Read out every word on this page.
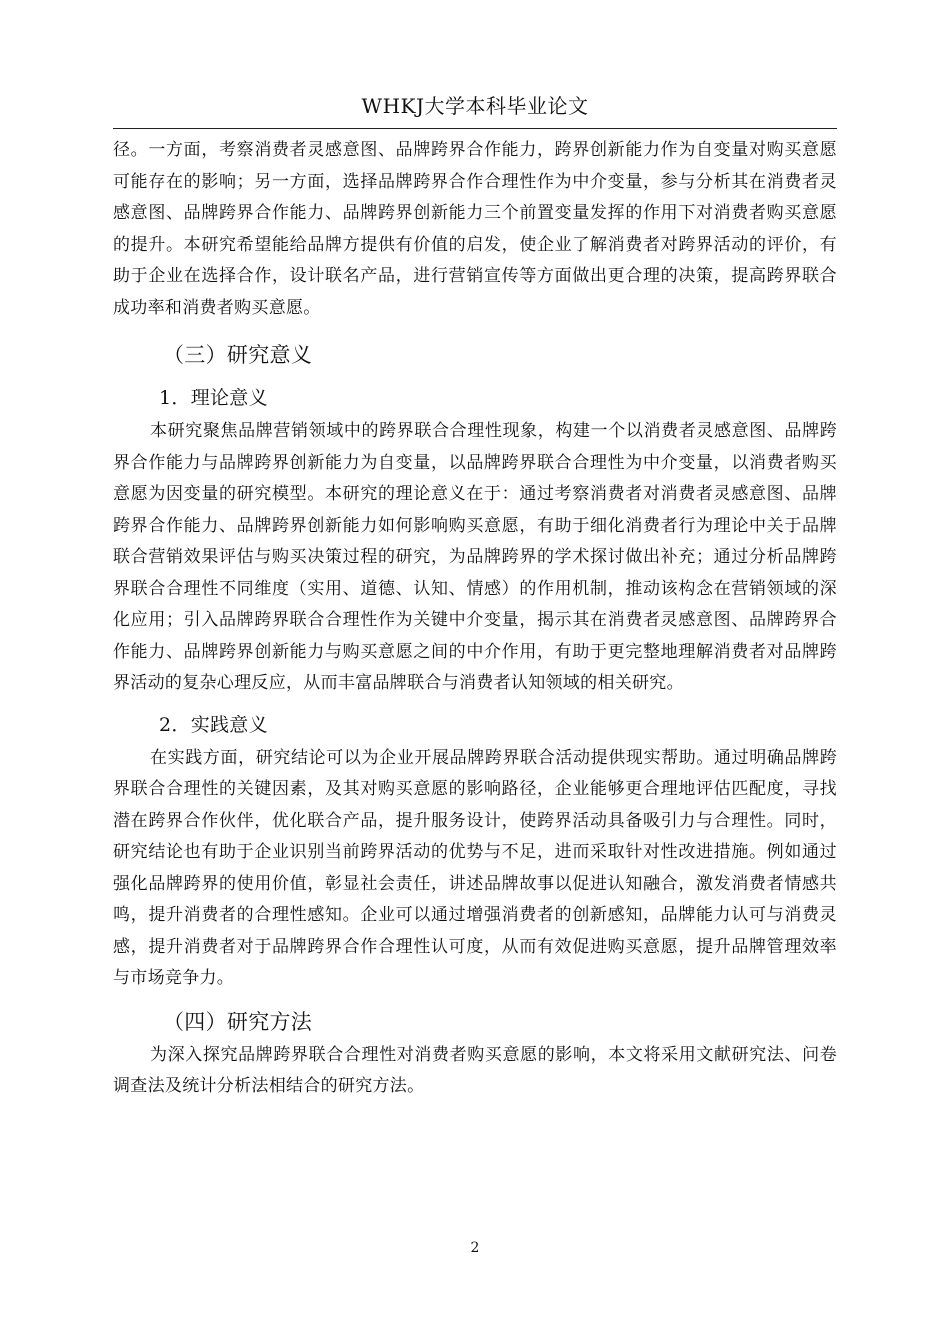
WHKJ大学本科毕业论文

径。一方面，考察消费者灵感意图、品牌跨界合作能力，跨界创新能力作为自变量对购买意愿可能存在的影响；另一方面，选择品牌跨界合作合理性作为中介变量，参与分析其在消费者灵感意图、品牌跨界合作能力、品牌跨界创新能力三个前置变量发挥的作用下对消费者购买意愿的提升。本研究希望能给品牌方提供有价值的启发，使企业了解消费者对跨界活动的评价，有助于企业在选择合作，设计联名产品，进行营销宣传等方面做出更合理的决策，提高跨界联合成功率和消费者购买意愿。

（三）研究意义
1．理论意义

本研究聚焦品牌营销领域中的跨界联合合理性现象，构建一个以消费者灵感意图、品牌跨界合作能力与品牌跨界创新能力为自变量，以品牌跨界联合合理性为中介变量，以消费者购买意愿为因变量的研究模型。本研究的理论意义在于：通过考察消费者对消费者灵感意图、品牌跨界合作能力、品牌跨界创新能力如何影响购买意愿，有助于细化消费者行为理论中关于品牌联合营销效果评估与购买决策过程的研究，为品牌跨界的学术探讨做出补充；通过分析品牌跨界联合合理性不同维度（实用、道德、认知、情感）的作用机制，推动该构念在营销领域的深化应用；引入品牌跨界联合合理性作为关键中介变量，揭示其在消费者灵感意图、品牌跨界合作能力、品牌跨界创新能力与购买意愿之间的中介作用，有助于更完整地理解消费者对品牌跨界活动的复杂心理反应，从而丰富品牌联合与消费者认知领域的相关研究。

2．实践意义

在实践方面，研究结论可以为企业开展品牌跨界联合活动提供现实帮助。通过明确品牌跨界联合合理性的关键因素，及其对购买意愿的影响路径，企业能够更合理地评估匹配度，寻找潜在跨界合作伙伴，优化联合产品，提升服务设计，使跨界活动具备吸引力与合理性。同时，研究结论也有助于企业识别当前跨界活动的优势与不足，进而采取针对性改进措施。例如通过强化品牌跨界的使用价值，彰显社会责任，讲述品牌故事以促进认知融合，激发消费者情感共鸣，提升消费者的合理性感知。企业可以通过增强消费者的创新感知，品牌能力认可与消费灵感，提升消费者对于品牌跨界合作合理性认可度，从而有效促进购买意愿，提升品牌管理效率与市场竞争力。

（四）研究方法

为深入探究品牌跨界联合合理性对消费者购买意愿的影响，本文将采用文献研究法、问卷调查法及统计分析法相结合的研究方法。

2
